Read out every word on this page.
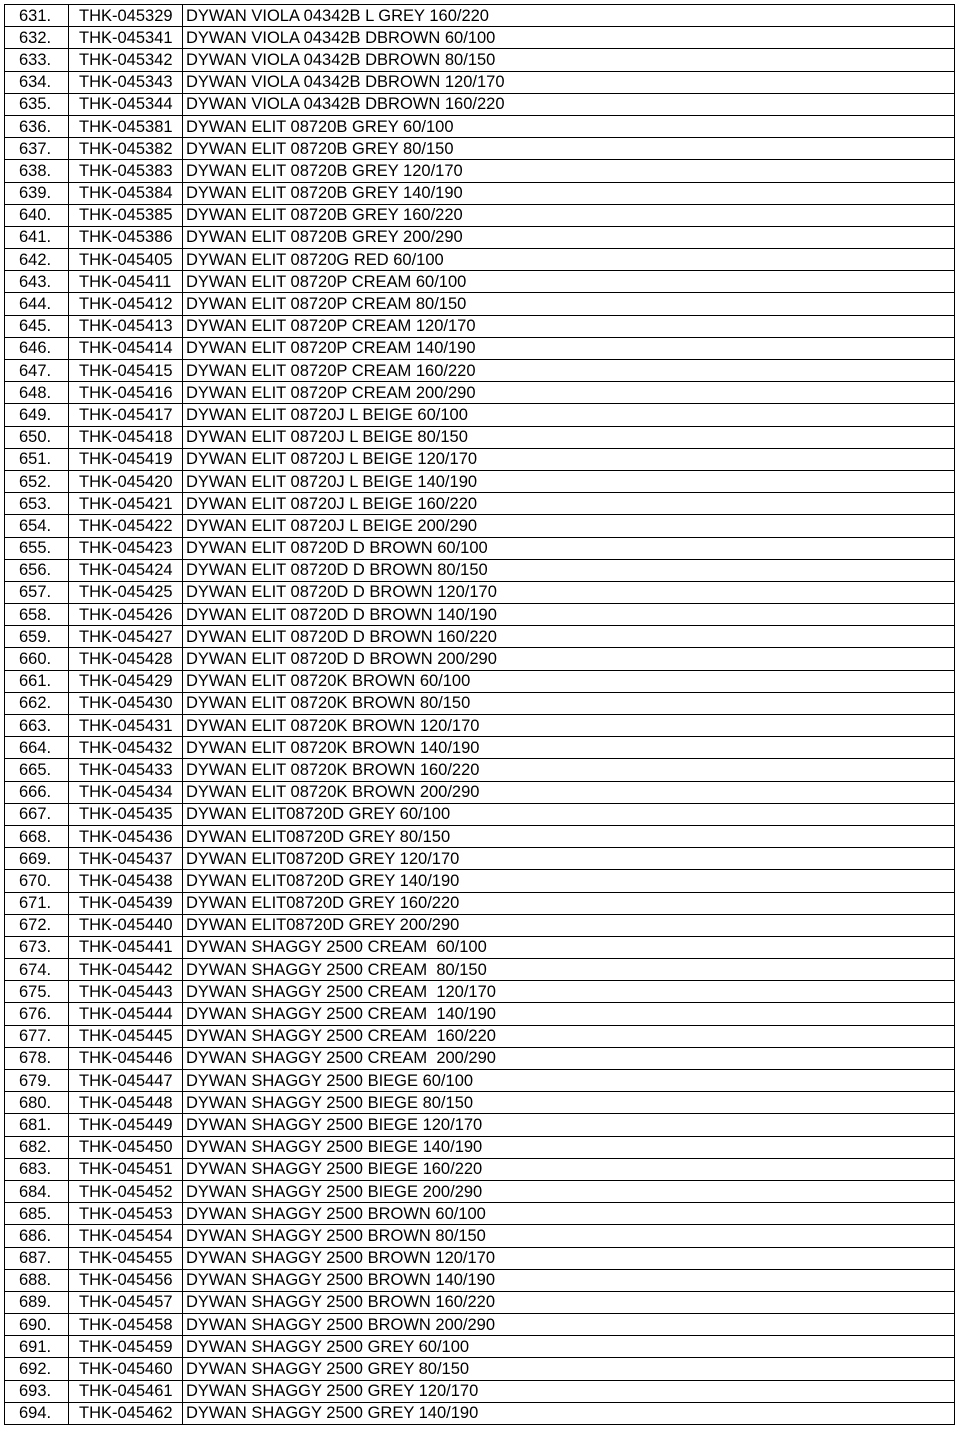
631.	THK-045329	DYWAN VIOLA 04342B L GREY 160/220
632.	THK-045341	DYWAN VIOLA 04342B DBROWN 60/100
633.	THK-045342	DYWAN VIOLA 04342B DBROWN 80/150
634.	THK-045343	DYWAN VIOLA 04342B DBROWN 120/170
635.	THK-045344	DYWAN VIOLA 04342B DBROWN 160/220
636.	THK-045381	DYWAN ELIT 08720B GREY 60/100
637.	THK-045382	DYWAN ELIT 08720B GREY 80/150
638.	THK-045383	DYWAN ELIT 08720B GREY 120/170
639.	THK-045384	DYWAN ELIT 08720B GREY 140/190
640.	THK-045385	DYWAN ELIT 08720B GREY 160/220
641.	THK-045386	DYWAN ELIT 08720B GREY 200/290
642.	THK-045405	DYWAN ELIT 08720G RED 60/100
643.	THK-045411	DYWAN ELIT 08720P CREAM 60/100
644.	THK-045412	DYWAN ELIT 08720P CREAM 80/150
645.	THK-045413	DYWAN ELIT 08720P CREAM 120/170
646.	THK-045414	DYWAN ELIT 08720P CREAM 140/190
647.	THK-045415	DYWAN ELIT 08720P CREAM 160/220
648.	THK-045416	DYWAN ELIT 08720P CREAM 200/290
649.	THK-045417	DYWAN ELIT 08720J L BEIGE 60/100
650.	THK-045418	DYWAN ELIT 08720J L BEIGE 80/150
651.	THK-045419	DYWAN ELIT 08720J L BEIGE 120/170
652.	THK-045420	DYWAN ELIT 08720J L BEIGE 140/190
653.	THK-045421	DYWAN ELIT 08720J L BEIGE 160/220
654.	THK-045422	DYWAN ELIT 08720J L BEIGE 200/290
655.	THK-045423	DYWAN ELIT 08720D D BROWN 60/100
656.	THK-045424	DYWAN ELIT 08720D D BROWN 80/150
657.	THK-045425	DYWAN ELIT 08720D D BROWN 120/170
658.	THK-045426	DYWAN ELIT 08720D D BROWN 140/190
659.	THK-045427	DYWAN ELIT 08720D D BROWN 160/220
660.	THK-045428	DYWAN ELIT 08720D D BROWN 200/290
661.	THK-045429	DYWAN ELIT 08720K BROWN 60/100
662.	THK-045430	DYWAN ELIT 08720K BROWN 80/150
663.	THK-045431	DYWAN ELIT 08720K BROWN 120/170
664.	THK-045432	DYWAN ELIT 08720K BROWN 140/190
665.	THK-045433	DYWAN ELIT 08720K BROWN 160/220
666.	THK-045434	DYWAN ELIT 08720K BROWN 200/290
667.	THK-045435	DYWAN ELIT08720D GREY 60/100
668.	THK-045436	DYWAN ELIT08720D GREY 80/150
669.	THK-045437	DYWAN ELIT08720D GREY 120/170
670.	THK-045438	DYWAN ELIT08720D GREY 140/190
671.	THK-045439	DYWAN ELIT08720D GREY 160/220
672.	THK-045440	DYWAN ELIT08720D GREY 200/290
673.	THK-045441	DYWAN SHAGGY 2500 CREAM  60/100
674.	THK-045442	DYWAN SHAGGY 2500 CREAM  80/150
675.	THK-045443	DYWAN SHAGGY 2500 CREAM  120/170
676.	THK-045444	DYWAN SHAGGY 2500 CREAM  140/190
677.	THK-045445	DYWAN SHAGGY 2500 CREAM  160/220
678.	THK-045446	DYWAN SHAGGY 2500 CREAM  200/290
679.	THK-045447	DYWAN SHAGGY 2500 BIEGE 60/100
680.	THK-045448	DYWAN SHAGGY 2500 BIEGE 80/150
681.	THK-045449	DYWAN SHAGGY 2500 BIEGE 120/170
682.	THK-045450	DYWAN SHAGGY 2500 BIEGE 140/190
683.	THK-045451	DYWAN SHAGGY 2500 BIEGE 160/220
684.	THK-045452	DYWAN SHAGGY 2500 BIEGE 200/290
685.	THK-045453	DYWAN SHAGGY 2500 BROWN 60/100
686.	THK-045454	DYWAN SHAGGY 2500 BROWN 80/150
687.	THK-045455	DYWAN SHAGGY 2500 BROWN 120/170
688.	THK-045456	DYWAN SHAGGY 2500 BROWN 140/190
689.	THK-045457	DYWAN SHAGGY 2500 BROWN 160/220
690.	THK-045458	DYWAN SHAGGY 2500 BROWN 200/290
691.	THK-045459	DYWAN SHAGGY 2500 GREY 60/100
692.	THK-045460	DYWAN SHAGGY 2500 GREY 80/150
693.	THK-045461	DYWAN SHAGGY 2500 GREY 120/170
694.	THK-045462	DYWAN SHAGGY 2500 GREY 140/190
